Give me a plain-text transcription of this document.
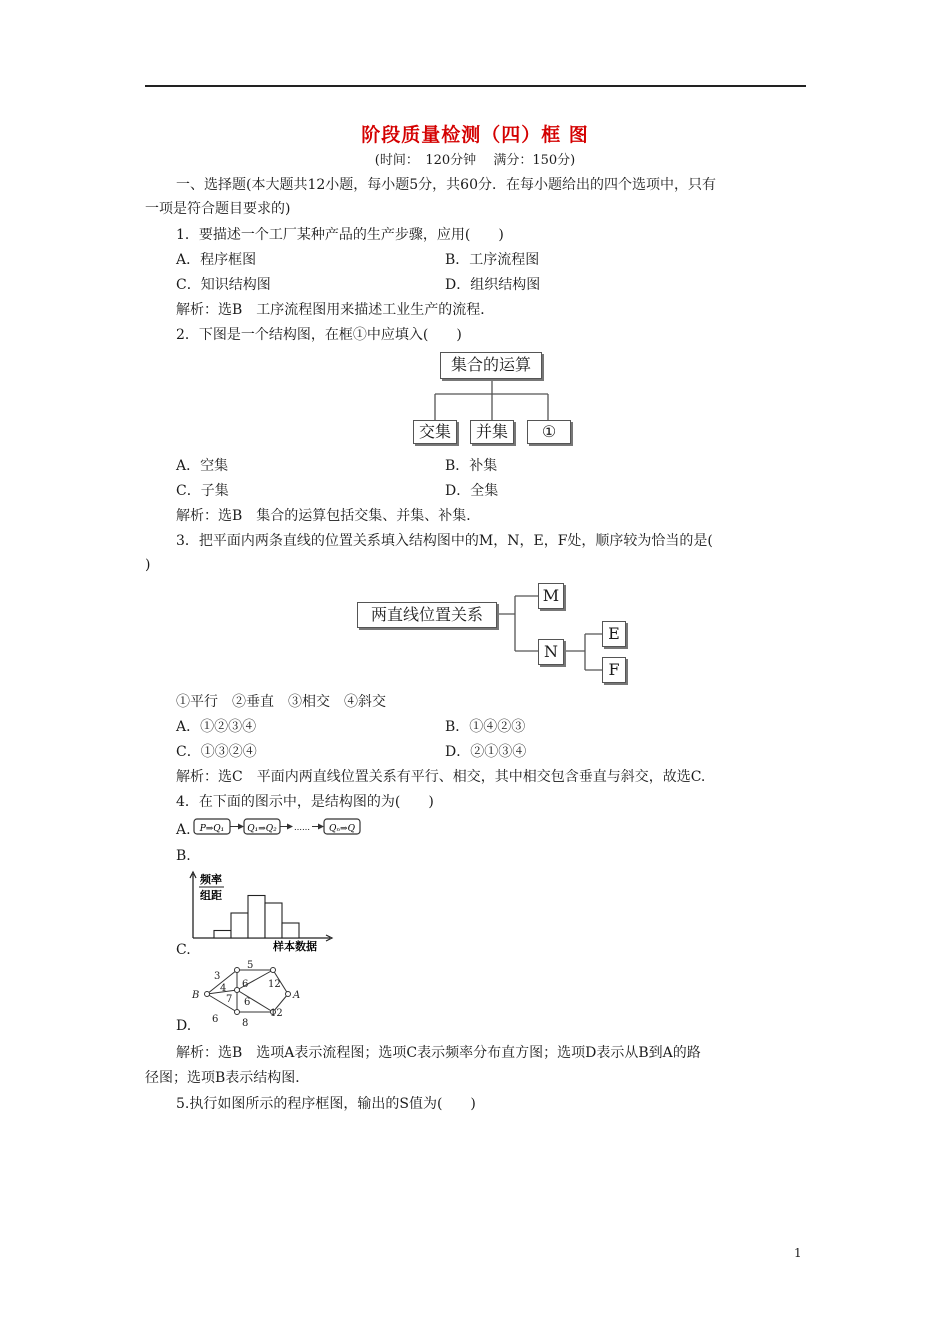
阶段质量检测（四）框 图
(时间：　120分钟　 满分：150分)
一、选择题(本大题共12小题，每小题5分，共60分．在每小题给出的四个选项中，只有
一项是符合题目要求的)
1．要描述一个工厂某种产品的生产步骤，应用(　　)
A．程序框图	B．工序流程图
C．知识结构图	D．组织结构图
解析：选B　工序流程图用来描述工业生产的流程．
2．下图是一个结构图，在框①中应填入(　　)
集合的运算
交集	并集	①
A．空集	B．补集
C．子集	D．全集
解析：选B　集合的运算包括交集、并集、补集．
3．把平面内两条直线的位置关系填入结构图中的M，N，E，F处，顺序较为恰当的是(
)
两直线位置关系
M
N
E
F
①平行　②垂直　③相交　④斜交
A．①②③④	B．①④②③
C．①③②④	D．②①③④
解析：选C　平面内两直线位置关系有平行、相交，其中相交包含垂直与斜交，故选C.
4．在下面的图示中，是结构图的为(　　)
A. P⇒Q₁	Q₁⇒Q₂ …… Qₙ⇒Q
B.
频率
组距
样本数据
C.
B	A
3
5
4 6 12
7 6
6 8
12
D.
解析：选B　选项A表示流程图；选项C表示频率分布直方图；选项D表示从B到A的路
径图；选项B表示结构图．
5.执行如图所示的程序框图，输出的S值为(　　)
1
